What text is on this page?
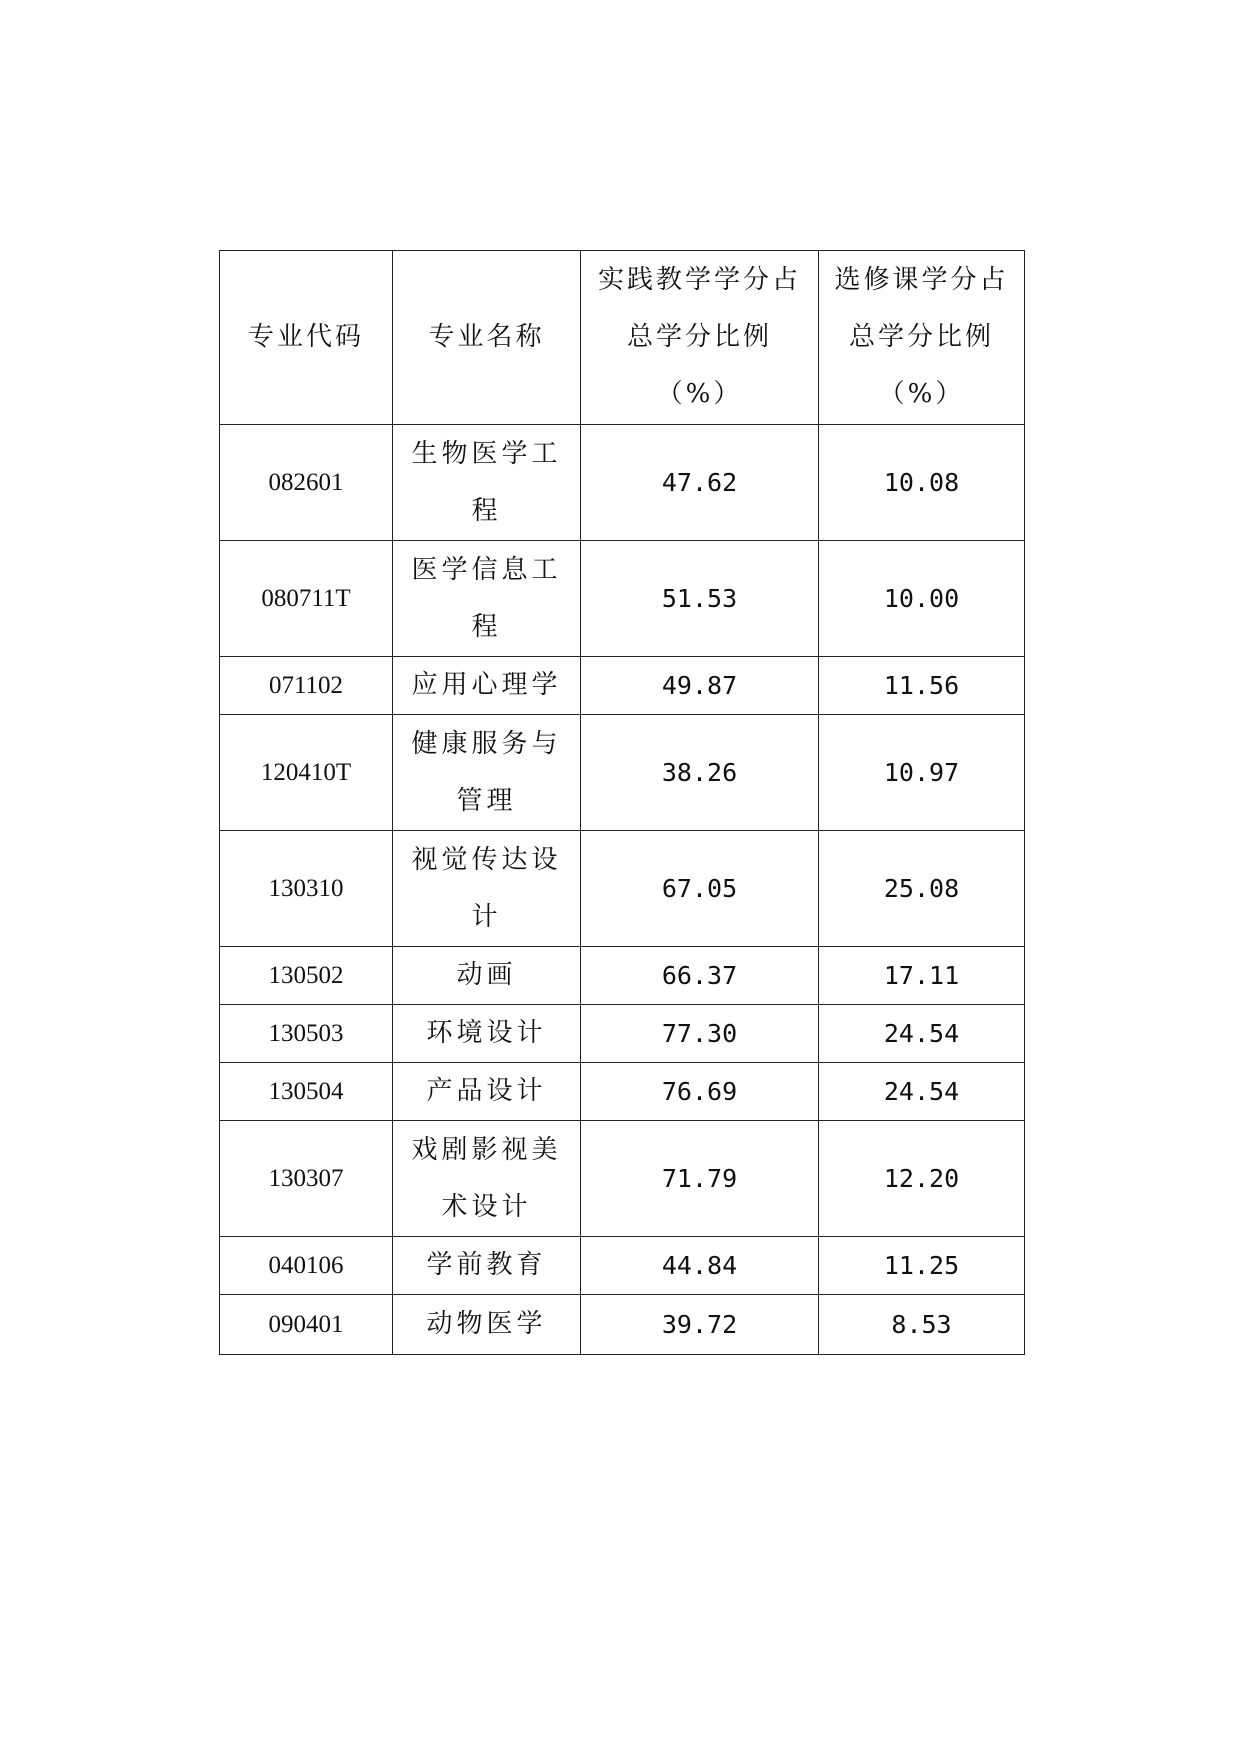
专业代码	专业名称	实践教学学分占总学分比例（%）	选修课学分占总学分比例（%）
082601	生物医学工程	47.62	10.08
080711T	医学信息工程	51.53	10.00
071102	应用心理学	49.87	11.56
120410T	健康服务与管理	38.26	10.97
130310	视觉传达设计	67.05	25.08
130502	动画	66.37	17.11
130503	环境设计	77.30	24.54
130504	产品设计	76.69	24.54
130307	戏剧影视美术设计	71.79	12.20
040106	学前教育	44.84	11.25
090401	动物医学	39.72	8.53
